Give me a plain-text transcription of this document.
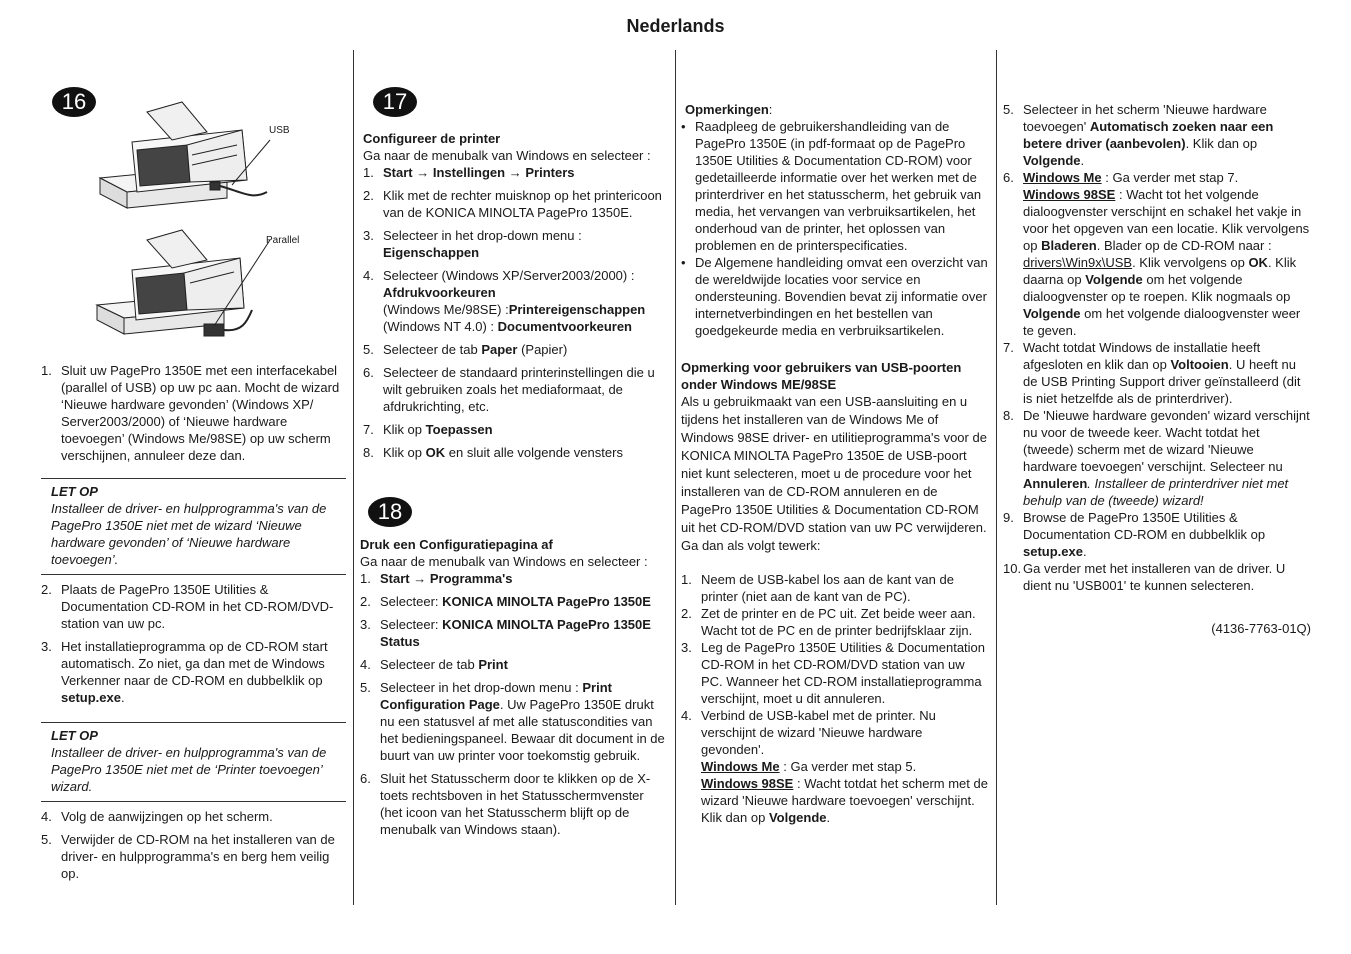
Nederlands
16
USB
Parallel
1. Sluit uw PagePro 1350E met een interfacekabel (parallel of USB) op uw pc aan. Mocht de wizard ‘Nieuwe hardware gevonden’ (Windows XP/ Server2003/2000) of ‘Nieuwe hardware toevoegen’ (Windows Me/98SE) op uw scherm verschijnen, annuleer deze dan.
LET OP
Installeer de driver- en hulpprogramma's van de PagePro 1350E niet met de wizard ‘Nieuwe hardware gevonden’ of ‘Nieuwe hardware toevoegen’.
2. Plaats de PagePro 1350E Utilities & Documentation CD-ROM in het CD-ROM/DVD-station van uw pc.
3. Het installatieprogramma op de CD-ROM start automatisch. Zo niet, ga dan met de Windows Verkenner naar de CD-ROM en dubbelklik op setup.exe.
LET OP
Installeer de driver- en hulpprogramma's van de PagePro 1350E niet met de ‘Printer toevoegen’ wizard.
4. Volg de aanwijzingen op het scherm.
5. Verwijder de CD-ROM na het installeren van de driver- en hulpprogramma's en berg hem veilig op.
17
Configureer de printer
Ga naar de menubalk van Windows en selecteer :
1. Start → Instellingen → Printers
2. Klik met de rechter muisknop op het printericoon van de KONICA MINOLTA PagePro 1350E.
3. Selecteer in het drop-down menu :
Eigenschappen
4. Selecteer (Windows XP/Server2003/2000) :
Afdrukvoorkeuren
(Windows Me/98SE) :Printereigenschappen
(Windows NT 4.0) : Documentvoorkeuren
5. Selecteer de tab Paper (Papier)
6. Selecteer de standaard printerinstellingen die u wilt gebruiken zoals het mediaformaat, de afdrukrichting, etc.
7. Klik op Toepassen
8. Klik op OK en sluit alle volgende vensters
18
Druk een Configuratiepagina af
Ga naar de menubalk van Windows en selecteer :
1. Start → Programma's
2. Selecteer: KONICA MINOLTA PagePro 1350E
3. Selecteer: KONICA MINOLTA PagePro 1350E Status
4. Selecteer de tab Print
5. Selecteer in het drop-down menu : Print Configuration Page. Uw PagePro 1350E drukt nu een statusvel af met alle statuscondities van het bedieningspaneel. Bewaar dit document in de buurt van uw printer voor toekomstig gebruik.
6. Sluit het Statusscherm door te klikken op de X-toets rechtsboven in het Statusschermvenster (het icoon van het Statusscherm blijft op de menubalk van Windows staan).
Opmerkingen:
• Raadpleeg de gebruikershandleiding van de PagePro 1350E (in pdf-formaat op de PagePro 1350E Utilities & Documentation CD-ROM) voor gedetailleerde informatie over het werken met de printerdriver en het statusscherm, het gebruik van media, het vervangen van verbruiksartikelen, het onderhoud van de printer, het oplossen van problemen en de printerspecificaties.
• De Algemene handleiding omvat een overzicht van de wereldwijde locaties voor service en ondersteuning. Bovendien bevat zij informatie over internetverbindingen en het bestellen van goedgekeurde media en verbruiksartikelen.
Opmerking voor gebruikers van USB-poorten onder Windows ME/98SE
Als u gebruikmaakt van een USB-aansluiting en u tijdens het installeren van de Windows Me of Windows 98SE driver- en utilitieprogramma's voor de KONICA MINOLTA PagePro 1350E de USB-poort niet kunt selecteren, moet u de procedure voor het installeren van de CD-ROM annuleren en de PagePro 1350E Utilities & Documentation CD-ROM uit het CD-ROM/DVD station van uw PC verwijderen. Ga dan als volgt tewerk:
1. Neem de USB-kabel los aan de kant van de printer (niet aan de kant van de PC).
2. Zet de printer en de PC uit. Zet beide weer aan. Wacht tot de PC en de printer bedrijfsklaar zijn.
3. Leg de PagePro 1350E Utilities & Documentation CD-ROM in het CD-ROM/DVD station van uw PC. Wanneer het CD-ROM installatieprogramma verschijnt, moet u dit annuleren.
4. Verbind de USB-kabel met de printer. Nu verschijnt de wizard 'Nieuwe hardware gevonden'.
Windows Me : Ga verder met stap 5.
Windows 98SE : Wacht totdat het scherm met de wizard 'Nieuwe hardware toevoegen' verschijnt. Klik dan op Volgende.
5. Selecteer in het scherm 'Nieuwe hardware toevoegen' Automatisch zoeken naar een betere driver (aanbevolen). Klik dan op Volgende.
6. Windows Me : Ga verder met stap 7.
Windows 98SE : Wacht tot het volgende dialoogvenster verschijnt en schakel het vakje in voor het opgeven van een locatie. Klik vervolgens op Bladeren. Blader op de CD-ROM naar : drivers\Win9x\USB. Klik vervolgens op OK. Klik daarna op Volgende om het volgende dialoogvenster op te roepen. Klik nogmaals op Volgende om het volgende dialoogvenster weer te geven.
7. Wacht totdat Windows de installatie heeft afgesloten en klik dan op Voltooien. U heeft nu de USB Printing Support driver geïnstalleerd (dit is niet hetzelfde als de printerdriver).
8. De 'Nieuwe hardware gevonden' wizard verschijnt nu voor de tweede keer. Wacht totdat het (tweede) scherm met de wizard 'Nieuwe hardware toevoegen' verschijnt. Selecteer nu Annuleren. Installeer de printerdriver niet met behulp van de (tweede) wizard!
9. Browse de PagePro 1350E Utilities & Documentation CD-ROM en dubbelklik op setup.exe.
10. Ga verder met het installeren van de driver. U dient nu 'USB001' te kunnen selecteren.
(4136-7763-01Q)
